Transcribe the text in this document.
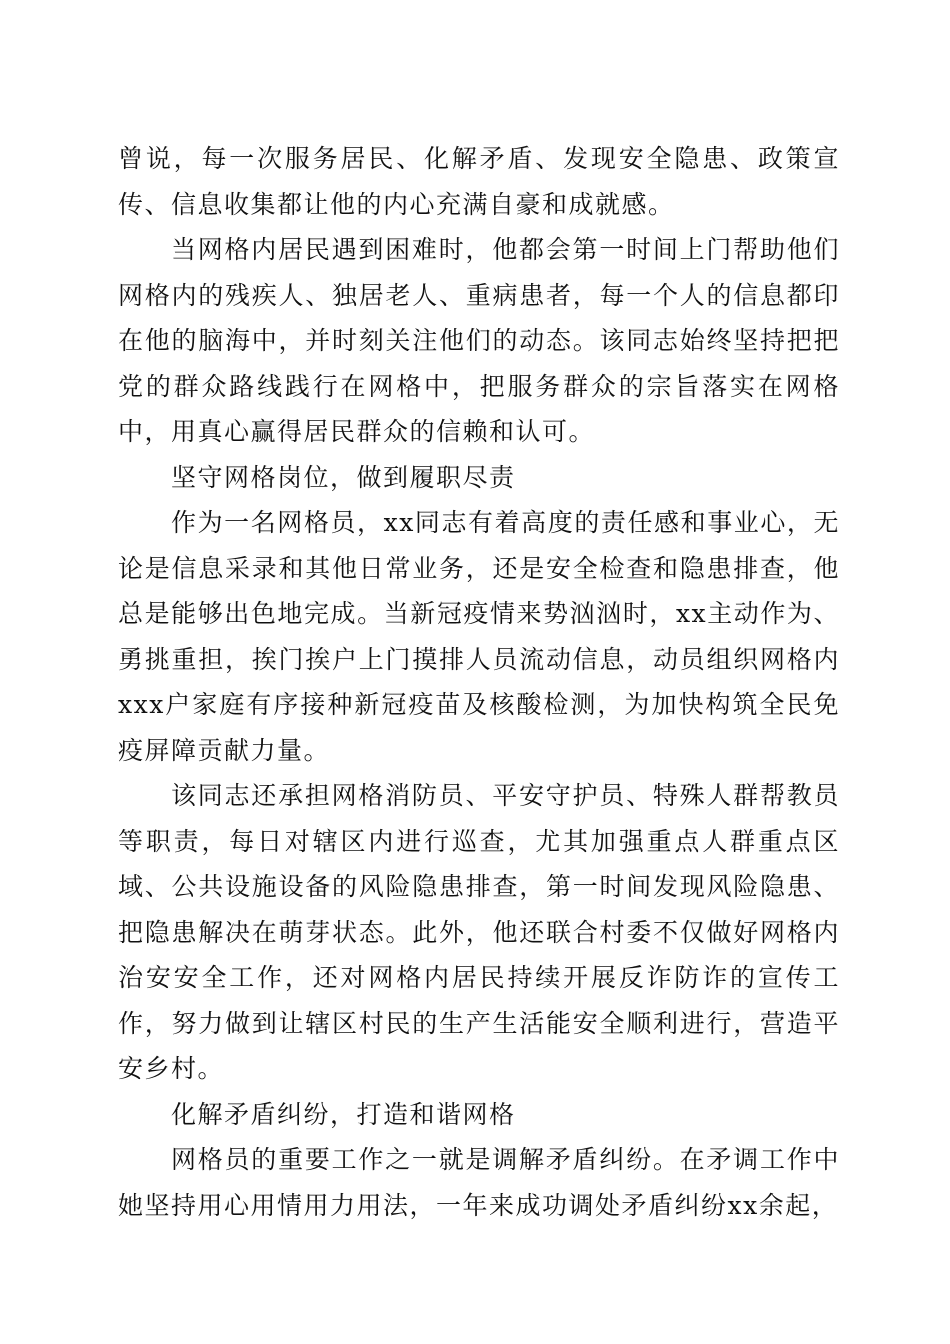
曾说，每一次服务居民、化解矛盾、发现安全隐患、政策宣传、信息收集都让他的内心充满自豪和成就感。

当网格内居民遇到困难时，他都会第一时间上门帮助他们网格内的残疾人、独居老人、重病患者，每一个人的信息都印在他的脑海中，并时刻关注他们的动态。该同志始终坚持把把党的群众路线践行在网格中，把服务群众的宗旨落实在网格中，用真心赢得居民群众的信赖和认可。

坚守网格岗位，做到履职尽责

作为一名网格员，xx同志有着高度的责任感和事业心，无论是信息采录和其他日常业务，还是安全检查和隐患排查，他总是能够出色地完成。当新冠疫情来势汹汹时，xx主动作为、勇挑重担，挨门挨户上门摸排人员流动信息，动员组织网格内xxx户家庭有序接种新冠疫苗及核酸检测，为加快构筑全民免疫屏障贡献力量。

该同志还承担网格消防员、平安守护员、特殊人群帮教员等职责，每日对辖区内进行巡查，尤其加强重点人群重点区域、公共设施设备的风险隐患排查，第一时间发现风险隐患、把隐患解决在萌芽状态。此外，他还联合村委不仅做好网格内治安安全工作，还对网格内居民持续开展反诈防诈的宣传工作，努力做到让辖区村民的生产生活能安全顺利进行，营造平安乡村。

化解矛盾纠纷，打造和谐网格

网格员的重要工作之一就是调解矛盾纠纷。在矛调工作中她坚持用心用情用力用法，一年来成功调处矛盾纠纷xx余起，
